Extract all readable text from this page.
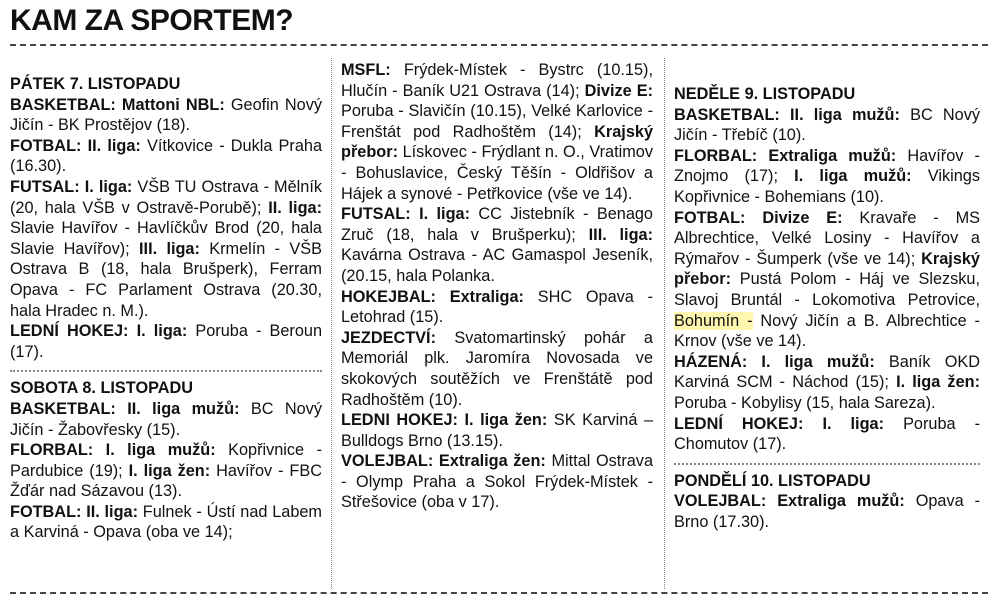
KAM ZA SPORTEM?

PÁTEK 7. LISTOPADU

BASKETBAL: Mattoni NBL: Geofin Nový Jičín - BK Prostějov (18).

FOTBAL: II. liga: Vítkovice - Dukla Praha (16.30).

FUTSAL: I. liga: VŠB TU Ostrava - Mělník (20, hala VŠB v Ostravě-Porubě); II. liga: Slavie Havířov - Havlíčkův Brod (20, hala Slavie Havířov); III. liga: Krmelín - VŠB Ostrava B (18, hala Brušperk), Ferram Opava - FC Parlament Ostrava (20.30, hala Hradec n. M.).

LEDNÍ HOKEJ: I. liga: Poruba - Beroun (17).

SOBOTA 8. LISTOPADU

BASKETBAL: II. liga mužů: BC Nový Jičín - Žabovřesky (15).

FLORBAL: I. liga mužů: Kopřivnice - Pardubice (19); I. liga žen: Havířov - FBC Žďár nad Sázavou (13).

FOTBAL: II. liga: Fulnek - Ústí nad Labem a Karviná - Opava (oba ve 14);

MSFL: Frýdek-Místek - Bystrc (10.15), Hlučín - Baník U21 Ostrava (14); Divize E: Poruba - Slavičín (10.15), Velké Karlovice - Frenštát pod Radhoštěm (14); Krajský přebor: Lískovec - Frýdlant n. O., Vratimov - Bohuslavice, Český Těšín - Oldřišov a Hájek a synové - Petřkovice (vše ve 14).

FUTSAL: I. liga: CC Jistebník - Benago Zruč (18, hala v Brušperku); III. liga: Kavárna Ostrava - AC Gamaspol Jeseník, (20.15, hala Polanka.

HOKEJBAL: Extraliga: SHC Opava - Letohrad (15).

JEZDECTVÍ: Svatomartinský pohár a Memoriál plk. Jaromíra Novosada ve skokových soutěžích ve Frenštátě pod Radhoštěm (10).

LEDNI HOKEJ: I. liga žen: SK Karviná – Bulldogs Brno (13.15).

VOLEJBAL: Extraliga žen: Mittal Ostrava - Olymp Praha a Sokol Frýdek-Místek - Střešovice (oba v 17).

NEDĚLE 9. LISTOPADU

BASKETBAL: II. liga mužů: BC Nový Jičín - Třebíč (10).

FLORBAL: Extraliga mužů: Havířov - Znojmo (17); I. liga mužů: Vikings Kopřivnice - Bohemians (10).

FOTBAL: Divize E: Kravaře - MS Albrechtice, Velké Losiny - Havířov a Rýmařov - Šumperk (vše ve 14); Krajský přebor: Pustá Polom - Háj ve Slezsku, Slavoj Bruntál - Lokomotiva Petrovice, Bohumín - Nový Jičín a B. Albrechtice - Krnov (vše ve 14).

HÁZENÁ: I. liga mužů: Baník OKD Karviná SCM - Náchod (15); I. liga žen: Poruba - Kobylisy (15, hala Sareza).

LEDNÍ HOKEJ: I. liga: Poruba - Chomutov (17).

PONDĚLÍ 10. LISTOPADU

VOLEJBAL: Extraliga mužů: Opava - Brno (17.30).
